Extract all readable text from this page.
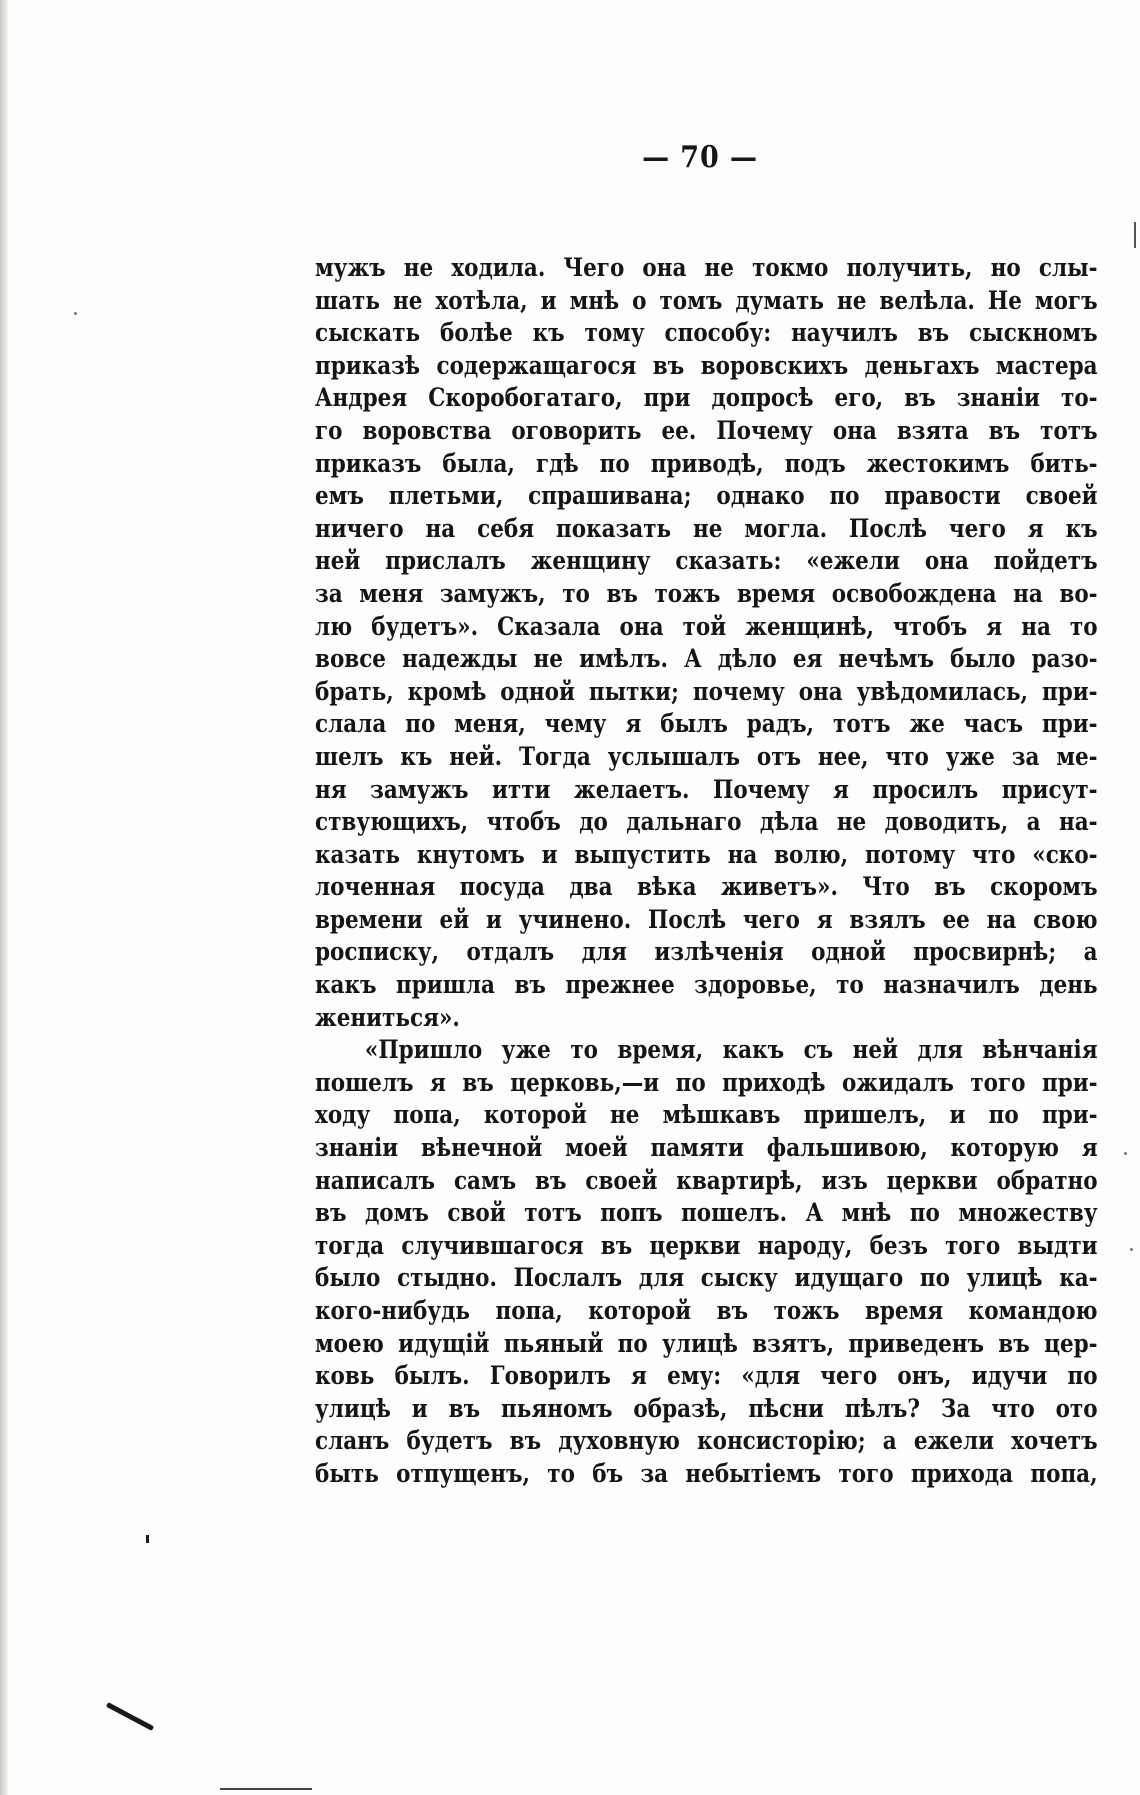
— 70 —
мужъ не ходила. Чего она не токмо получить, но слы-
шать не хотѣла, и мнѣ о томъ думать не велѣла. Не могъ
сыскать болѣе къ тому способу: научилъ въ сыскномъ
приказѣ содержащагося въ воровскихъ деньгахъ мастера
Андрея Скоробогатаго, при допросѣ его, въ знаніи то-
го воровства оговорить ее. Почему она взята въ тотъ
приказъ была, гдѣ по приводѣ, подъ жестокимъ бить-
емъ плетьми, спрашивана; однако по правости своей
ничего на себя показать не могла. Послѣ чего я къ
ней прислалъ женщину сказать: «ежели она пойдетъ
за меня замужъ, то въ тожъ время освобождена на во-
лю будетъ». Сказала она той женщинѣ, чтобъ я на то
вовсе надежды не имѣлъ. А дѣло ея нечѣмъ было разо-
брать, кромѣ одной пытки; почему она увѣдомилась, при-
слала по меня, чему я былъ радъ, тотъ же часъ при-
шелъ къ ней. Тогда услышалъ отъ нее, что уже за ме-
ня замужъ итти желаетъ. Почему я просилъ присут-
ствующихъ, чтобъ до дальнаго дѣла не доводить, а на-
казать кнутомъ и выпустить на волю, потому что «ско-
лоченная посуда два вѣка живетъ». Что въ скоромъ
времени ей и учинено. Послѣ чего я взялъ ее на свою
росписку, отдалъ для излѣченія одной просвирнѣ; а
какъ пришла въ прежнее здоровье, то назначилъ день
жениться».
«Пришло уже то время, какъ съ ней для вѣнчанія
пошелъ я въ церковь,—и по приходѣ ожидалъ того при-
ходу попа, которой не мѣшкавъ пришелъ, и по при-
знаніи вѣнечной моей памяти фальшивою, которую я
написалъ самъ въ своей квартирѣ, изъ церкви обратно
въ домъ свой тотъ попъ пошелъ. А мнѣ по множеству
тогда случившагося въ церкви народу, безъ того выдти
было стыдно. Послалъ для сыску идущаго по улицѣ ка-
кого-нибудь попа, которой въ тожъ время командою
моею идущій пьяный по улицѣ взятъ, приведенъ въ цер-
ковь былъ. Говорилъ я ему: «для чего онъ, идучи по
улицѣ и въ пьяномъ образѣ, пѣсни пѣлъ? За что ото
сланъ будетъ въ духовную консисторію; а ежели хочетъ
быть отпущенъ, то бъ за небытіемъ того прихода попа,
